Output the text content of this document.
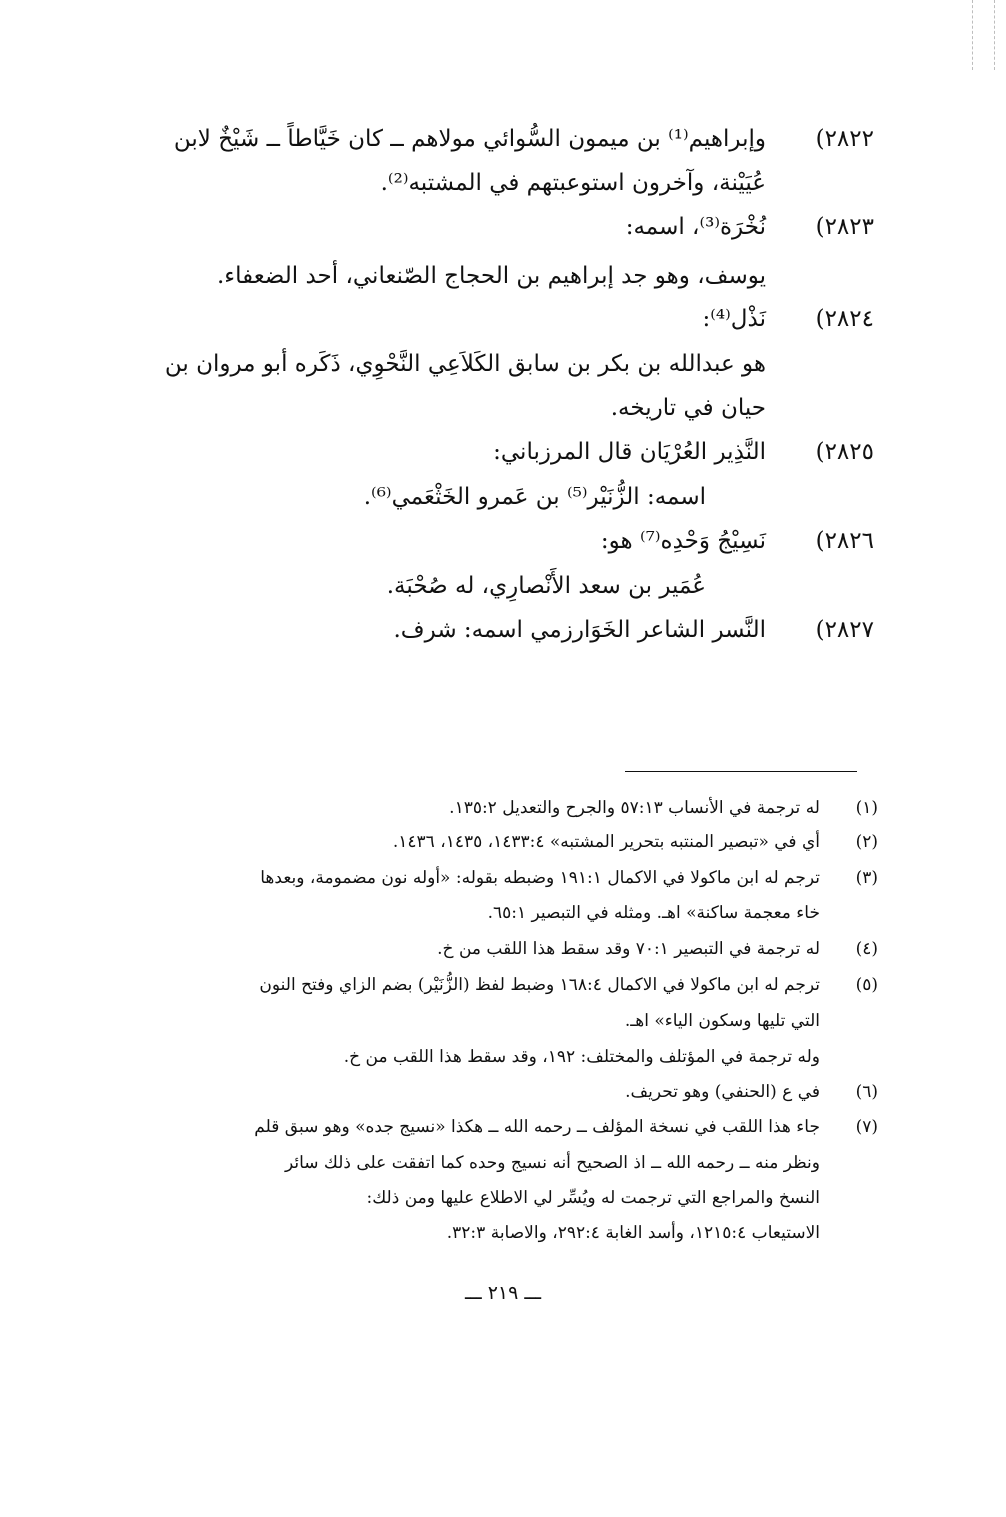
٢٨٢٢)
وإبراهيم⁽¹⁾ بن ميمون السُّوائي مولاهم ــ كان خَيَّاطاً ــ شَيْخٌ لابن
عُيَيْنة، وآخرون استوعبتهم في المشتبه⁽²⁾.
٢٨٢٣)
نُخْرَة⁽³⁾، اسمه:
يوسف، وهو جد إبراهيم بن الحجاج الصّنعاني، أحد الضعفاء.
٢٨٢٤)
نَذْل⁽⁴⁾:
هو عبدالله بن بكر بن سابق الكَلاَعِي النَّحْوِي، ذَكَره أبو مروان بن
حيان في تاريخه.
٢٨٢٥)
النَّذِير العُرْيَان قال المرزباني:
اسمه: الزُّنَيْر⁽⁵⁾ بن عَمرو الخَثْعَمي⁽⁶⁾.
٢٨٢٦)
نَسِيْجُ وَحْدِه⁽⁷⁾ هو:
عُمَير بن سعد الأَنْصارِي، له صُحْبَة.
٢٨٢٧)
النَّسر الشاعر الخَوَارزمي اسمه: شرف.
(١)
له ترجمة في الأنساب ٥٧:١٣ والجرح والتعديل ١٣٥:٢.
(٢)
أي في «تبصير المنتبه بتحرير المشتبه» ١٤٣٣:٤، ١٤٣٥، ١٤٣٦.
(٣)
ترجم له ابن ماكولا في الاكمال ١٩١:١ وضبطه بقوله: «أوله نون مضمومة، وبعدها
خاء معجمة ساكنة» اهـ. ومثله في التبصير ٦٥:١.
(٤)
له ترجمة في التبصير ٧٠:١ وقد سقط هذا اللقب من خ.
(٥)
ترجم له ابن ماكولا في الاكمال ١٦٨:٤ وضبط لفظ (الزُّنَيْر) بضم الزاي وفتح النون
التي تليها وسكون الياء» اهـ.
وله ترجمة في المؤتلف والمختلف: ١٩٢، وقد سقط هذا اللقب من خ.
(٦)
في ع (الحنفي) وهو تحريف.
(٧)
جاء هذا اللقب في نسخة المؤلف ــ رحمه الله ــ هكذا «نسيج جده» وهو سبق قلم
ونظر منه ــ رحمه الله ــ اذ الصحيح أنه نسيج وحده كما اتفقت على ذلك سائر
النسخ والمراجع التي ترجمت له ويُسِّر لي الاطلاع عليها ومن ذلك:
الاستيعاب ١٢١٥:٤، وأسد الغابة ٢٩٢:٤، والاصابة ٣٢:٣.
ـــ ٢١٩ ـــ
